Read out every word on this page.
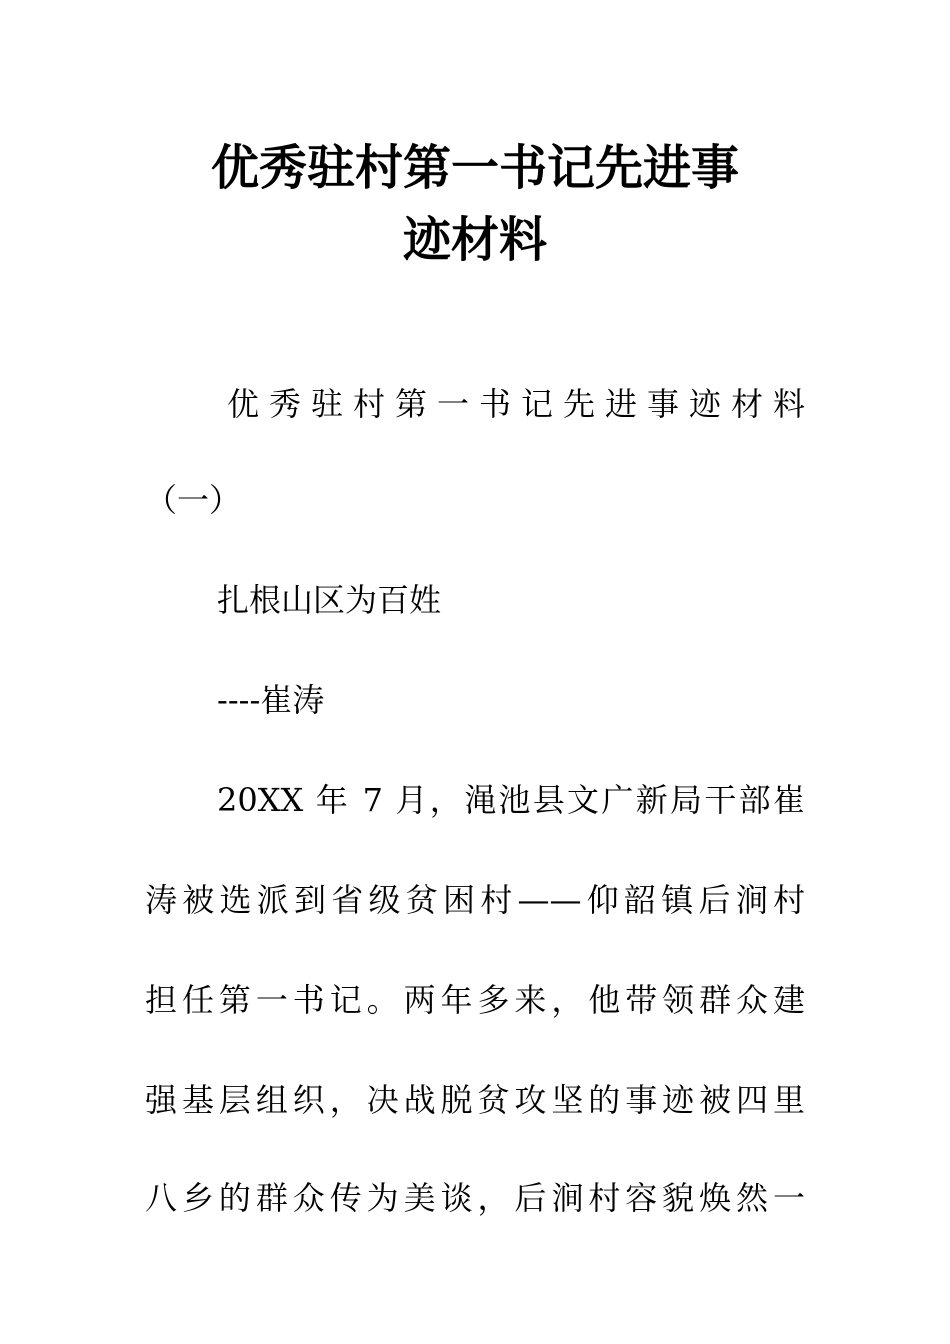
优秀驻村第一书记先进事
迹材料

优秀驻村第一书记先进事迹材料

（一）

扎根山区为百姓

----崔涛

20XX 年 7 月，渑池县文广新局干部崔

涛被选派到省级贫困村——仰韶镇后涧村

担任第一书记。两年多来，他带领群众建

强基层组织，决战脱贫攻坚的事迹被四里

八乡的群众传为美谈，后涧村容貌焕然一
